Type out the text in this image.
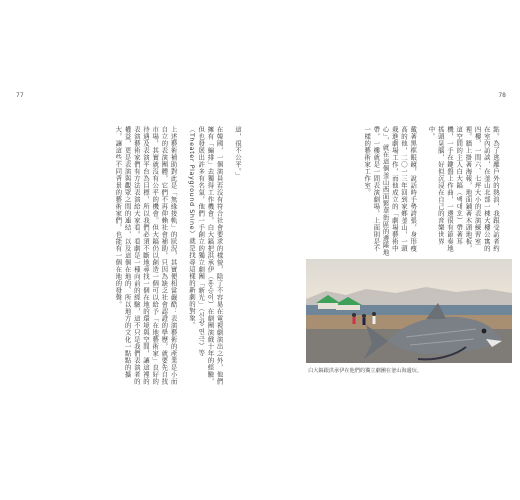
77	78
這，很不公平。」

在韓國，一個演員若沒有符合社會要求的樣貌，除了不容易在電視劇演出之外，他們擁有「編排」去獨得工作機會。白大鎬把洪承伊（홍승이）在劇團演戲十年的經驗，但也發展出許多有名氣，他們一手創立的獨立劇團「新光」（신광 연극）等（Theater Playground Shine）就是找尋這樣的新劇的對象。

上述藝術補助對此是「無緣接軌」的狀況，其實便相當嚴酷：表演藝術的產業是小而自立的表演團體，它們不再仰賴社會補助，只因為缺乏社會認證的學歷，就要先自找市場，其實就沒有公平的機會。但大鎬仍以創造一個可以給予「在地藝術家」良好的待遇及表演平台為目標，所以我們必須不斷地尋找一個在地的環境與空間，讓這裡的表演藝術家們有方法表演給大家看。看劇是一種向前的經驗，這不只是我們表演者的權益，更是表演與觀眾之間的連結，以及這個在地的、所以地方的文化一點點的擴大，讓這些不同背景的藝術家們，也能有一個在地的發聲。	點。為了逃離戶外的熱浪，我跟受訪者約在室內訪談，在釜山北部一棟大樓公寓的四樓，一間六、七坪大小的表演練習室裡。牆上掛著海報，地面鋪著木頭地板，這空間的主人白大鎬（백대호）帶著耳機，一手在鍵盤上作曲，一邊很有節奏地搖頭晃腦，好似沉浸在自己的音樂世界中。

戴著黑框眼鏡，說話時手勢誇張，身形瘦高的他，二〇一三年回到家鄉釜山，一頭栽進劇場工作，而他成立的「劇場藝術中心」，就在這個釜山西面繁華街區的邊陲地帶，一樓就是一間表演劇場，上面則是不一樣的藝術家工作室。
白大鎬跟洪承伊在他們的獨立劇團在釜山海邊玩。
